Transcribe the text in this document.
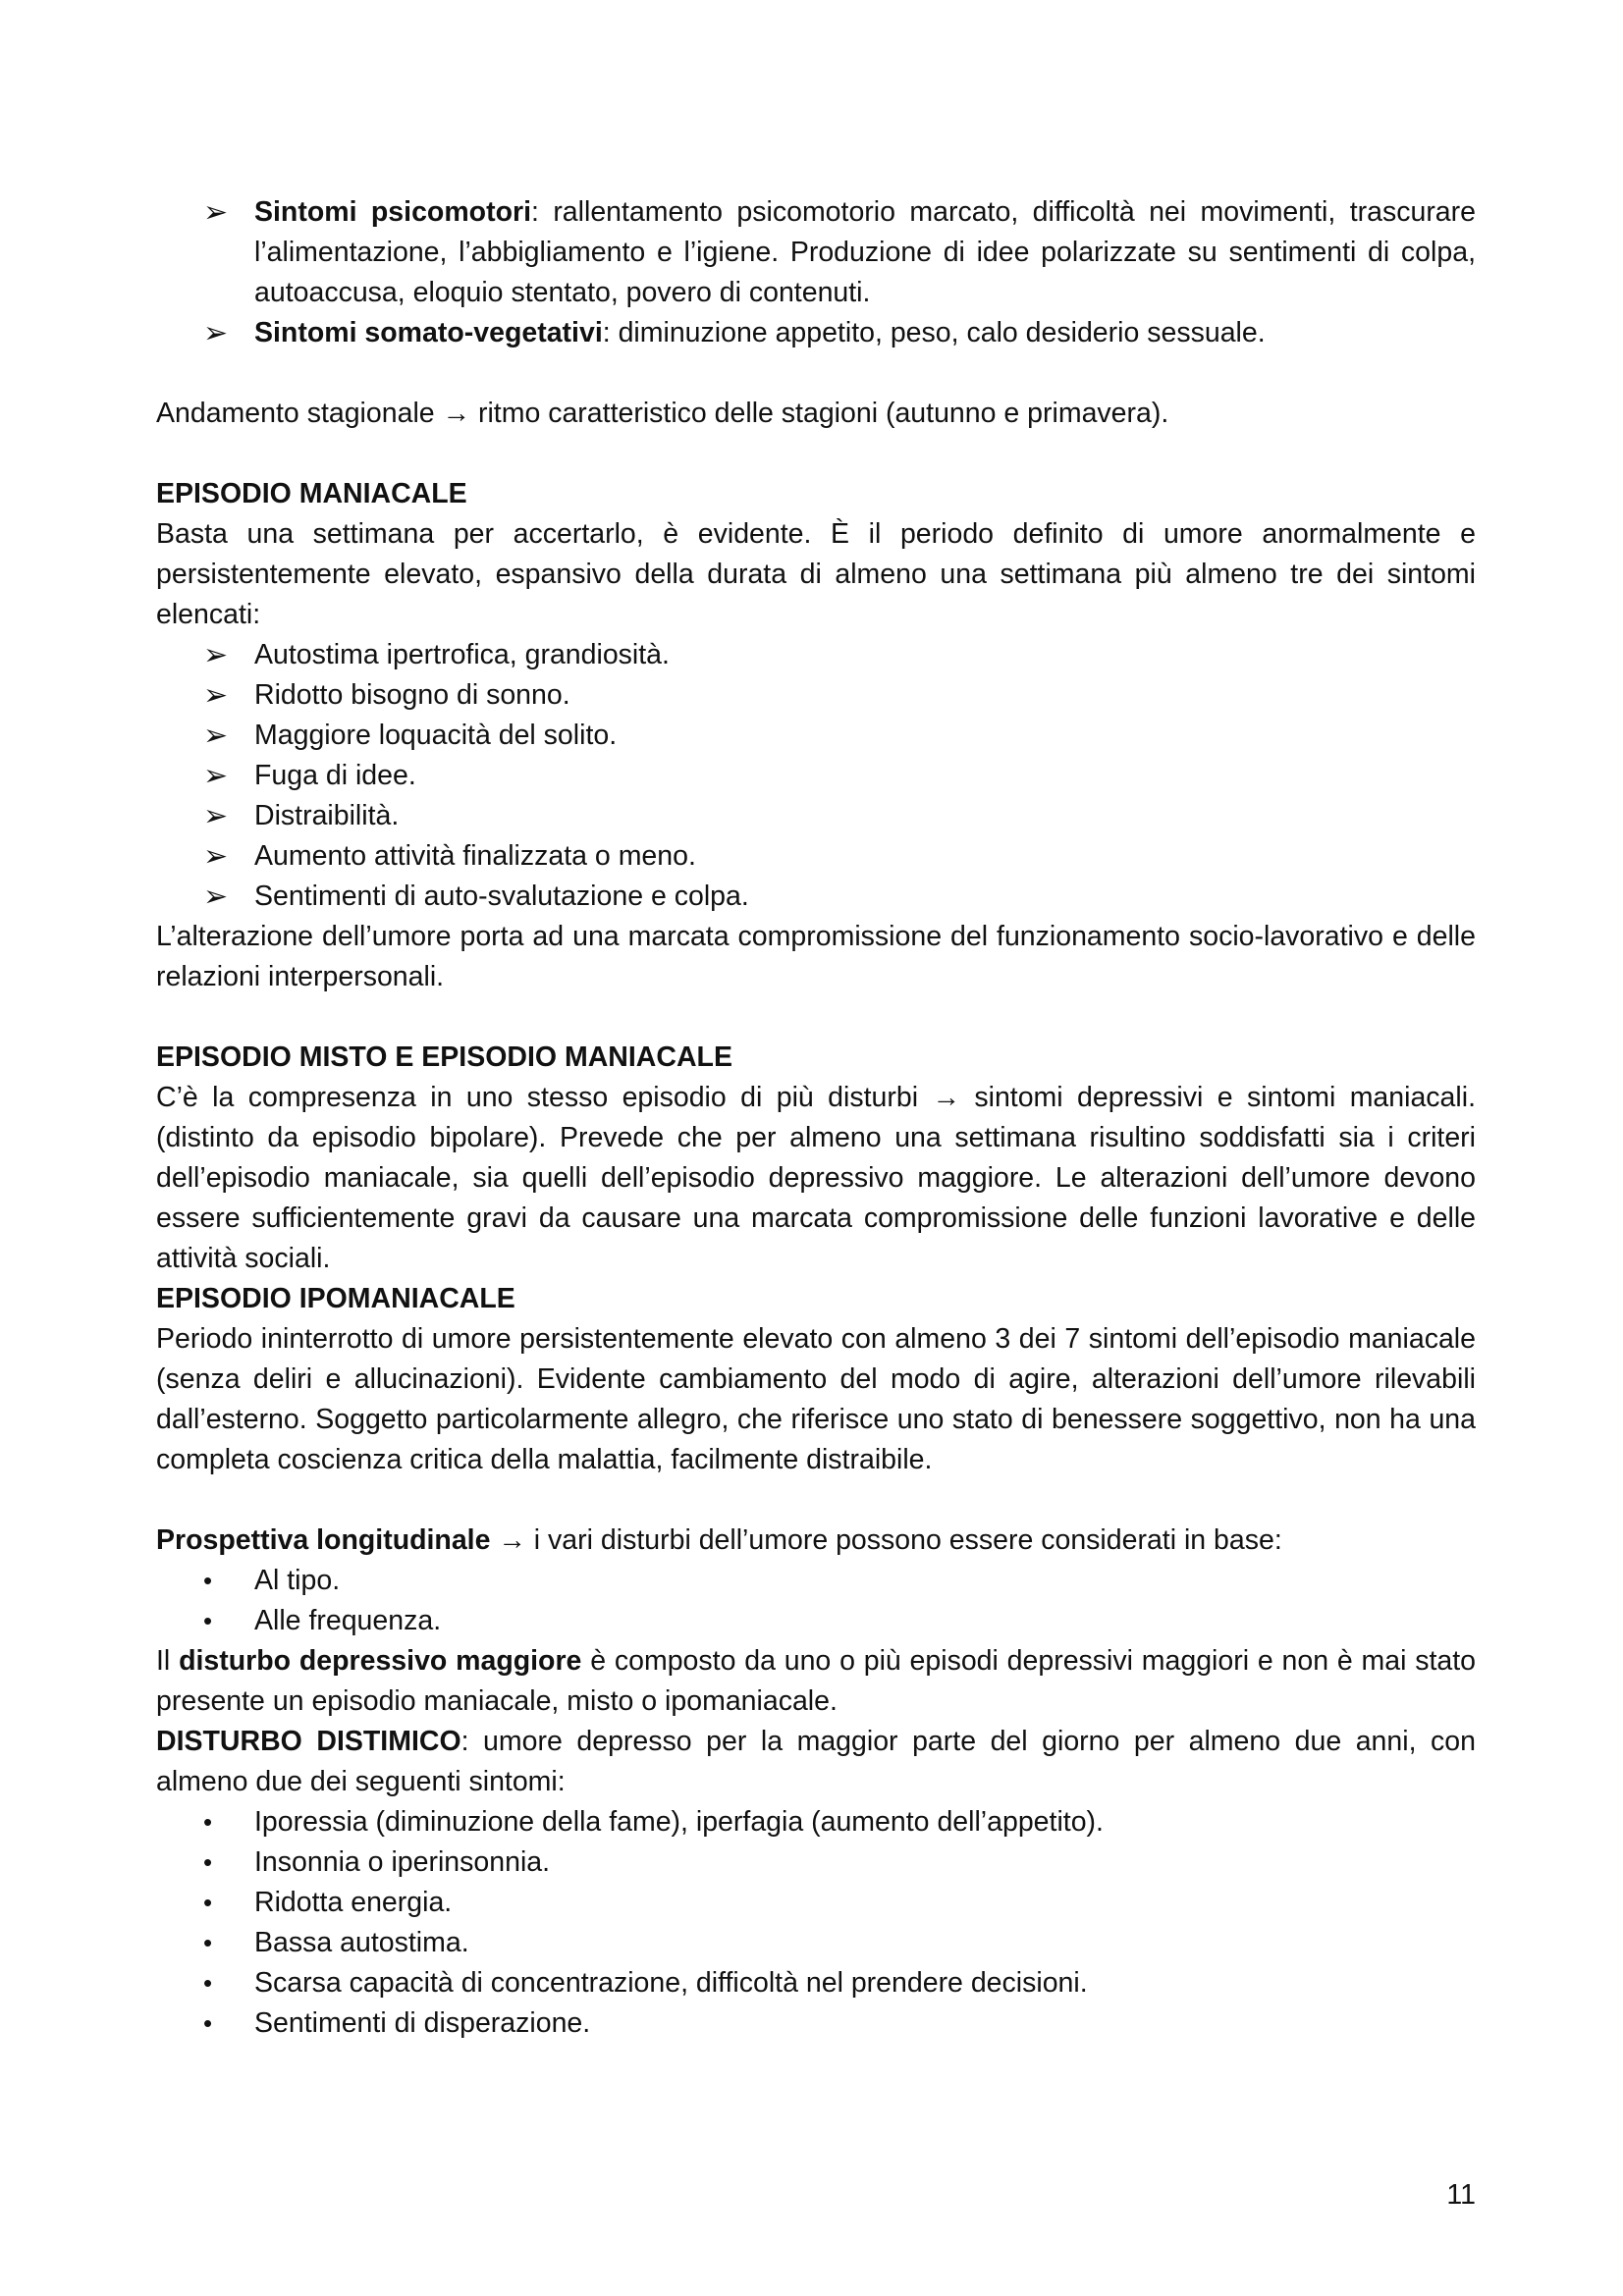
➢ Sintomi psicomotori: rallentamento psicomotorio marcato, difficoltà nei movimenti, trascurare l’alimentazione, l’abbigliamento e l’igiene. Produzione di idee polarizzate su sentimenti di colpa, autoaccusa, eloquio stentato, povero di contenuti.
➢ Sintomi somato-vegetativi: diminuzione appetito, peso, calo desiderio sessuale.

Andamento stagionale → ritmo caratteristico delle stagioni (autunno e primavera).

EPISODIO MANIACALE

Basta una settimana per accertarlo, è evidente. È il periodo definito di umore anormalmente e persistentemente elevato, espansivo della durata di almeno una settimana più almeno tre dei sintomi elencati:

➢ Autostima ipertrofica, grandiosità.
➢ Ridotto bisogno di sonno.
➢ Maggiore loquacità del solito.
➢ Fuga di idee.
➢ Distraibilità.
➢ Aumento attività finalizzata o meno.
➢ Sentimenti di auto-svalutazione e colpa.

L’alterazione dell’umore porta ad una marcata compromissione del funzionamento socio-lavorativo e delle relazioni interpersonali.

EPISODIO MISTO E EPISODIO MANIACALE

C’è la compresenza in uno stesso episodio di più disturbi → sintomi depressivi e sintomi maniacali. (distinto da episodio bipolare). Prevede che per almeno una settimana risultino soddisfatti sia i criteri dell’episodio maniacale, sia quelli dell’episodio depressivo maggiore. Le alterazioni dell’umore devono essere sufficientemente gravi da causare una marcata compromissione delle funzioni lavorative e delle attività sociali.

EPISODIO IPOMANIACALE

Periodo ininterrotto di umore persistentemente elevato con almeno 3 dei 7 sintomi dell’episodio maniacale (senza deliri e allucinazioni). Evidente cambiamento del modo di agire, alterazioni dell’umore rilevabili dall’esterno. Soggetto particolarmente allegro, che riferisce uno stato di benessere soggettivo, non ha una completa coscienza critica della malattia, facilmente distraibile.

Prospettiva longitudinale → i vari disturbi dell’umore possono essere considerati in base:

•	Al tipo.
•	Alle frequenza.

Il disturbo depressivo maggiore è composto da uno o più episodi depressivi maggiori e non è mai stato presente un episodio maniacale, misto o ipomaniacale.

DISTURBO DISTIMICO: umore depresso per la maggior parte del giorno per almeno due anni, con almeno due dei seguenti sintomi:

•	Iporessia (diminuzione della fame), iperfagia (aumento dell’appetito).
•	Insonnia o iperinsonnia.
•	Ridotta energia.
•	Bassa autostima.
•	Scarsa capacità di concentrazione, difficoltà nel prendere decisioni.
•	Sentimenti di disperazione.
11
